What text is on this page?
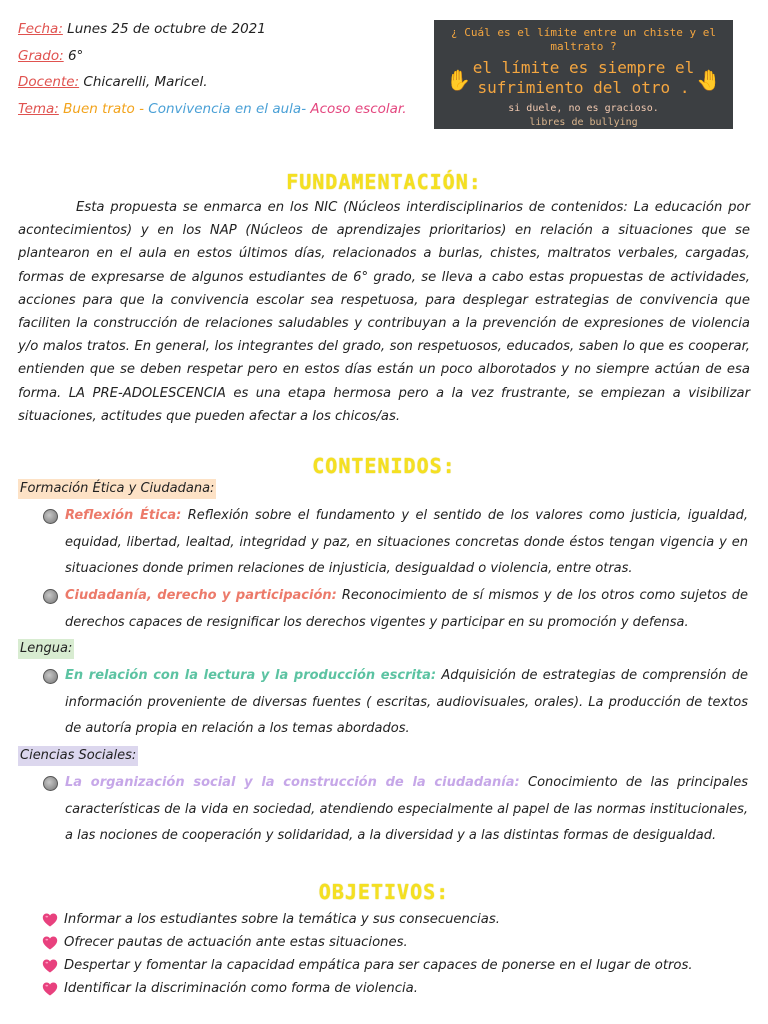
Fecha: Lunes 25 de octubre de 2021
Grado: 6°
Docente: Chicarelli, Maricel.
Tema: Buen trato - Convivencia en el aula- Acoso escolar.
✋	✋
¿ Cuál es el límite entre un chiste y el maltrato ?
el límite es siempre el
sufrimiento del otro .
si duele, no es gracioso.
libres de bullying
FUNDAMENTACIÓN:
Esta propuesta se enmarca en los NIC (Núcleos interdisciplinarios de contenidos: La educación por acontecimientos) y en los NAP (Núcleos de aprendizajes prioritarios) en relación a situaciones que se plantearon en el aula en estos últimos días, relacionados a burlas, chistes, maltratos verbales, cargadas, formas de expresarse de algunos estudiantes de 6° grado, se lleva a cabo estas propuestas de actividades, acciones para que la convivencia escolar sea respetuosa, para desplegar estrategias de convivencia que faciliten la construcción de relaciones saludables y contribuyan a la prevención de expresiones de violencia y/o malos tratos. En general, los integrantes del grado, son respetuosos, educados, saben lo que es cooperar, entienden que se deben respetar pero en estos días están un poco alborotados y no siempre actúan de esa forma. LA PRE-ADOLESCENCIA es una etapa hermosa pero a la vez frustrante, se empiezan a visibilizar situaciones, actitudes que pueden afectar a los chicos/as.
CONTENIDOS:
Formación Ética y Ciudadana:
Reflexión Ética: Reflexión sobre el fundamento y el sentido de los valores como justicia, igualdad, equidad, libertad, lealtad, integridad y paz, en situaciones concretas donde éstos tengan vigencia y en situaciones donde primen relaciones de injusticia, desigualdad o violencia, entre otras.
Ciudadanía, derecho y participación: Reconocimiento de sí mismos y de los otros como sujetos de derechos capaces de resignificar los derechos vigentes y participar en su promoción y defensa.
Lengua:
En relación con la lectura y la producción escrita: Adquisición de estrategias de comprensión de información proveniente de diversas fuentes ( escritas, audiovisuales, orales). La producción de textos de autoría propia en relación a los temas abordados.
Ciencias Sociales:
La organización social y la construcción de la ciudadanía: Conocimiento de las principales características de la vida en sociedad, atendiendo especialmente al papel de las normas institucionales, a las nociones de cooperación y solidaridad, a la diversidad y a las distintas formas de desigualdad.
OBJETIVOS:
Informar a los estudiantes sobre la temática y sus consecuencias.
Ofrecer pautas de actuación ante estas situaciones.
Despertar y fomentar la capacidad empática para ser capaces de ponerse en el lugar de otros.
Identificar la discriminación como forma de violencia.
